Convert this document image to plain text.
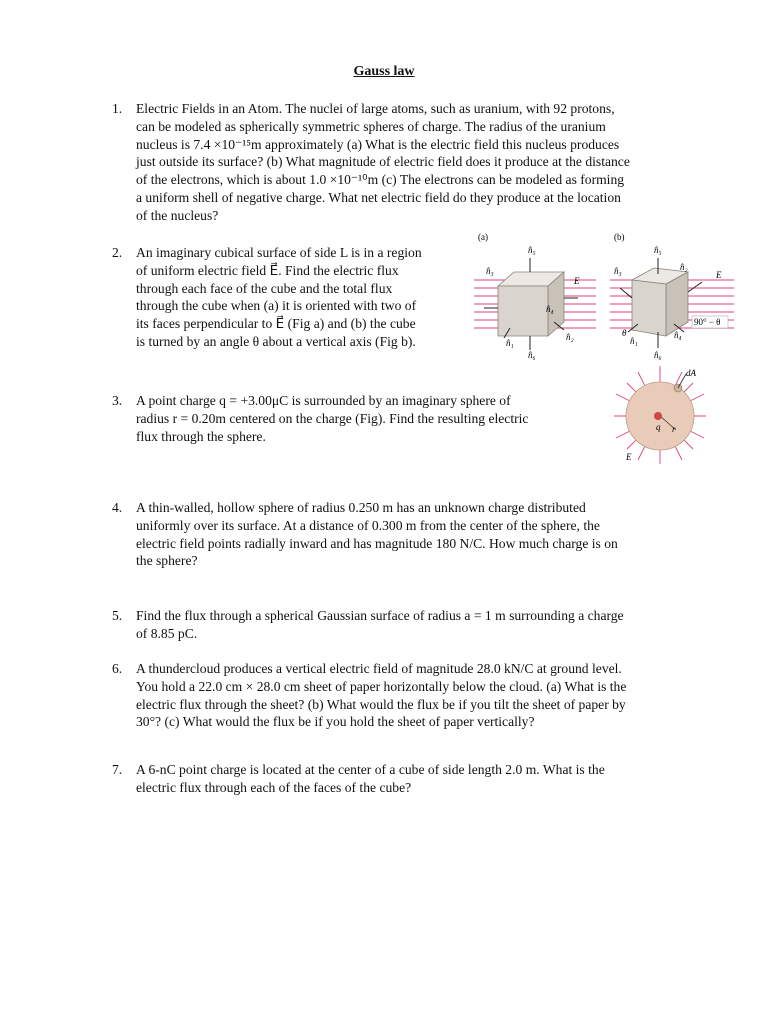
Gauss law
1.	Electric Fields in an Atom. The nuclei of large atoms, such as uranium, with 92 protons,
can be modeled as spherically symmetric spheres of charge. The radius of the uranium
nucleus is 7.4 ×10⁻¹⁵m approximately (a) What is the electric field this nucleus produces
just outside its surface? (b) What magnitude of electric field does it produce at the distance
of the electrons, which is about 1.0 ×10⁻¹⁰m (c) The electrons can be modeled as forming
a uniform shell of negative charge. What net electric field do they produce at the location
of the nucleus?
2.	An imaginary cubical surface of side L is in a region
of uniform electric field E⃗. Find the electric flux
through each face of the cube and the total flux
through the cube when (a) it is oriented with two of
its faces perpendicular to E⃗ (Fig a) and (b) the cube
is turned by an angle θ about a vertical axis (Fig b).
(a)
n̂₅
n̂₃
E⃗
n̂₄
n̂₁
n̂₂
n̂₆
(b)
n̂₅
n̂₃	n̂₂
E⃗
90° − θ
θ
n̂₁
n̂₄
n̂₆
3.	A point charge q = +3.00μC is surrounded by an imaginary sphere of
radius r = 0.20m centered on the charge (Fig). Find the resulting electric
flux through the sphere.
dA
q r
E⃗
4.	A thin-walled, hollow sphere of radius 0.250 m has an unknown charge distributed
uniformly over its surface. At a distance of 0.300 m from the center of the sphere, the
electric field points radially inward and has magnitude 180 N/C. How much charge is on
the sphere?
5.	Find the flux through a spherical Gaussian surface of radius a = 1 m surrounding a charge
of 8.85 pC.
6.	A thundercloud produces a vertical electric field of magnitude 28.0 kN/C at ground level.
You hold a 22.0 cm × 28.0 cm sheet of paper horizontally below the cloud. (a) What is the
electric flux through the sheet? (b) What would the flux be if you tilt the sheet of paper by
30°? (c) What would the flux be if you hold the sheet of paper vertically?
7.	A 6-nC point charge is located at the center of a cube of side length 2.0 m. What is the
electric flux through each of the faces of the cube?
